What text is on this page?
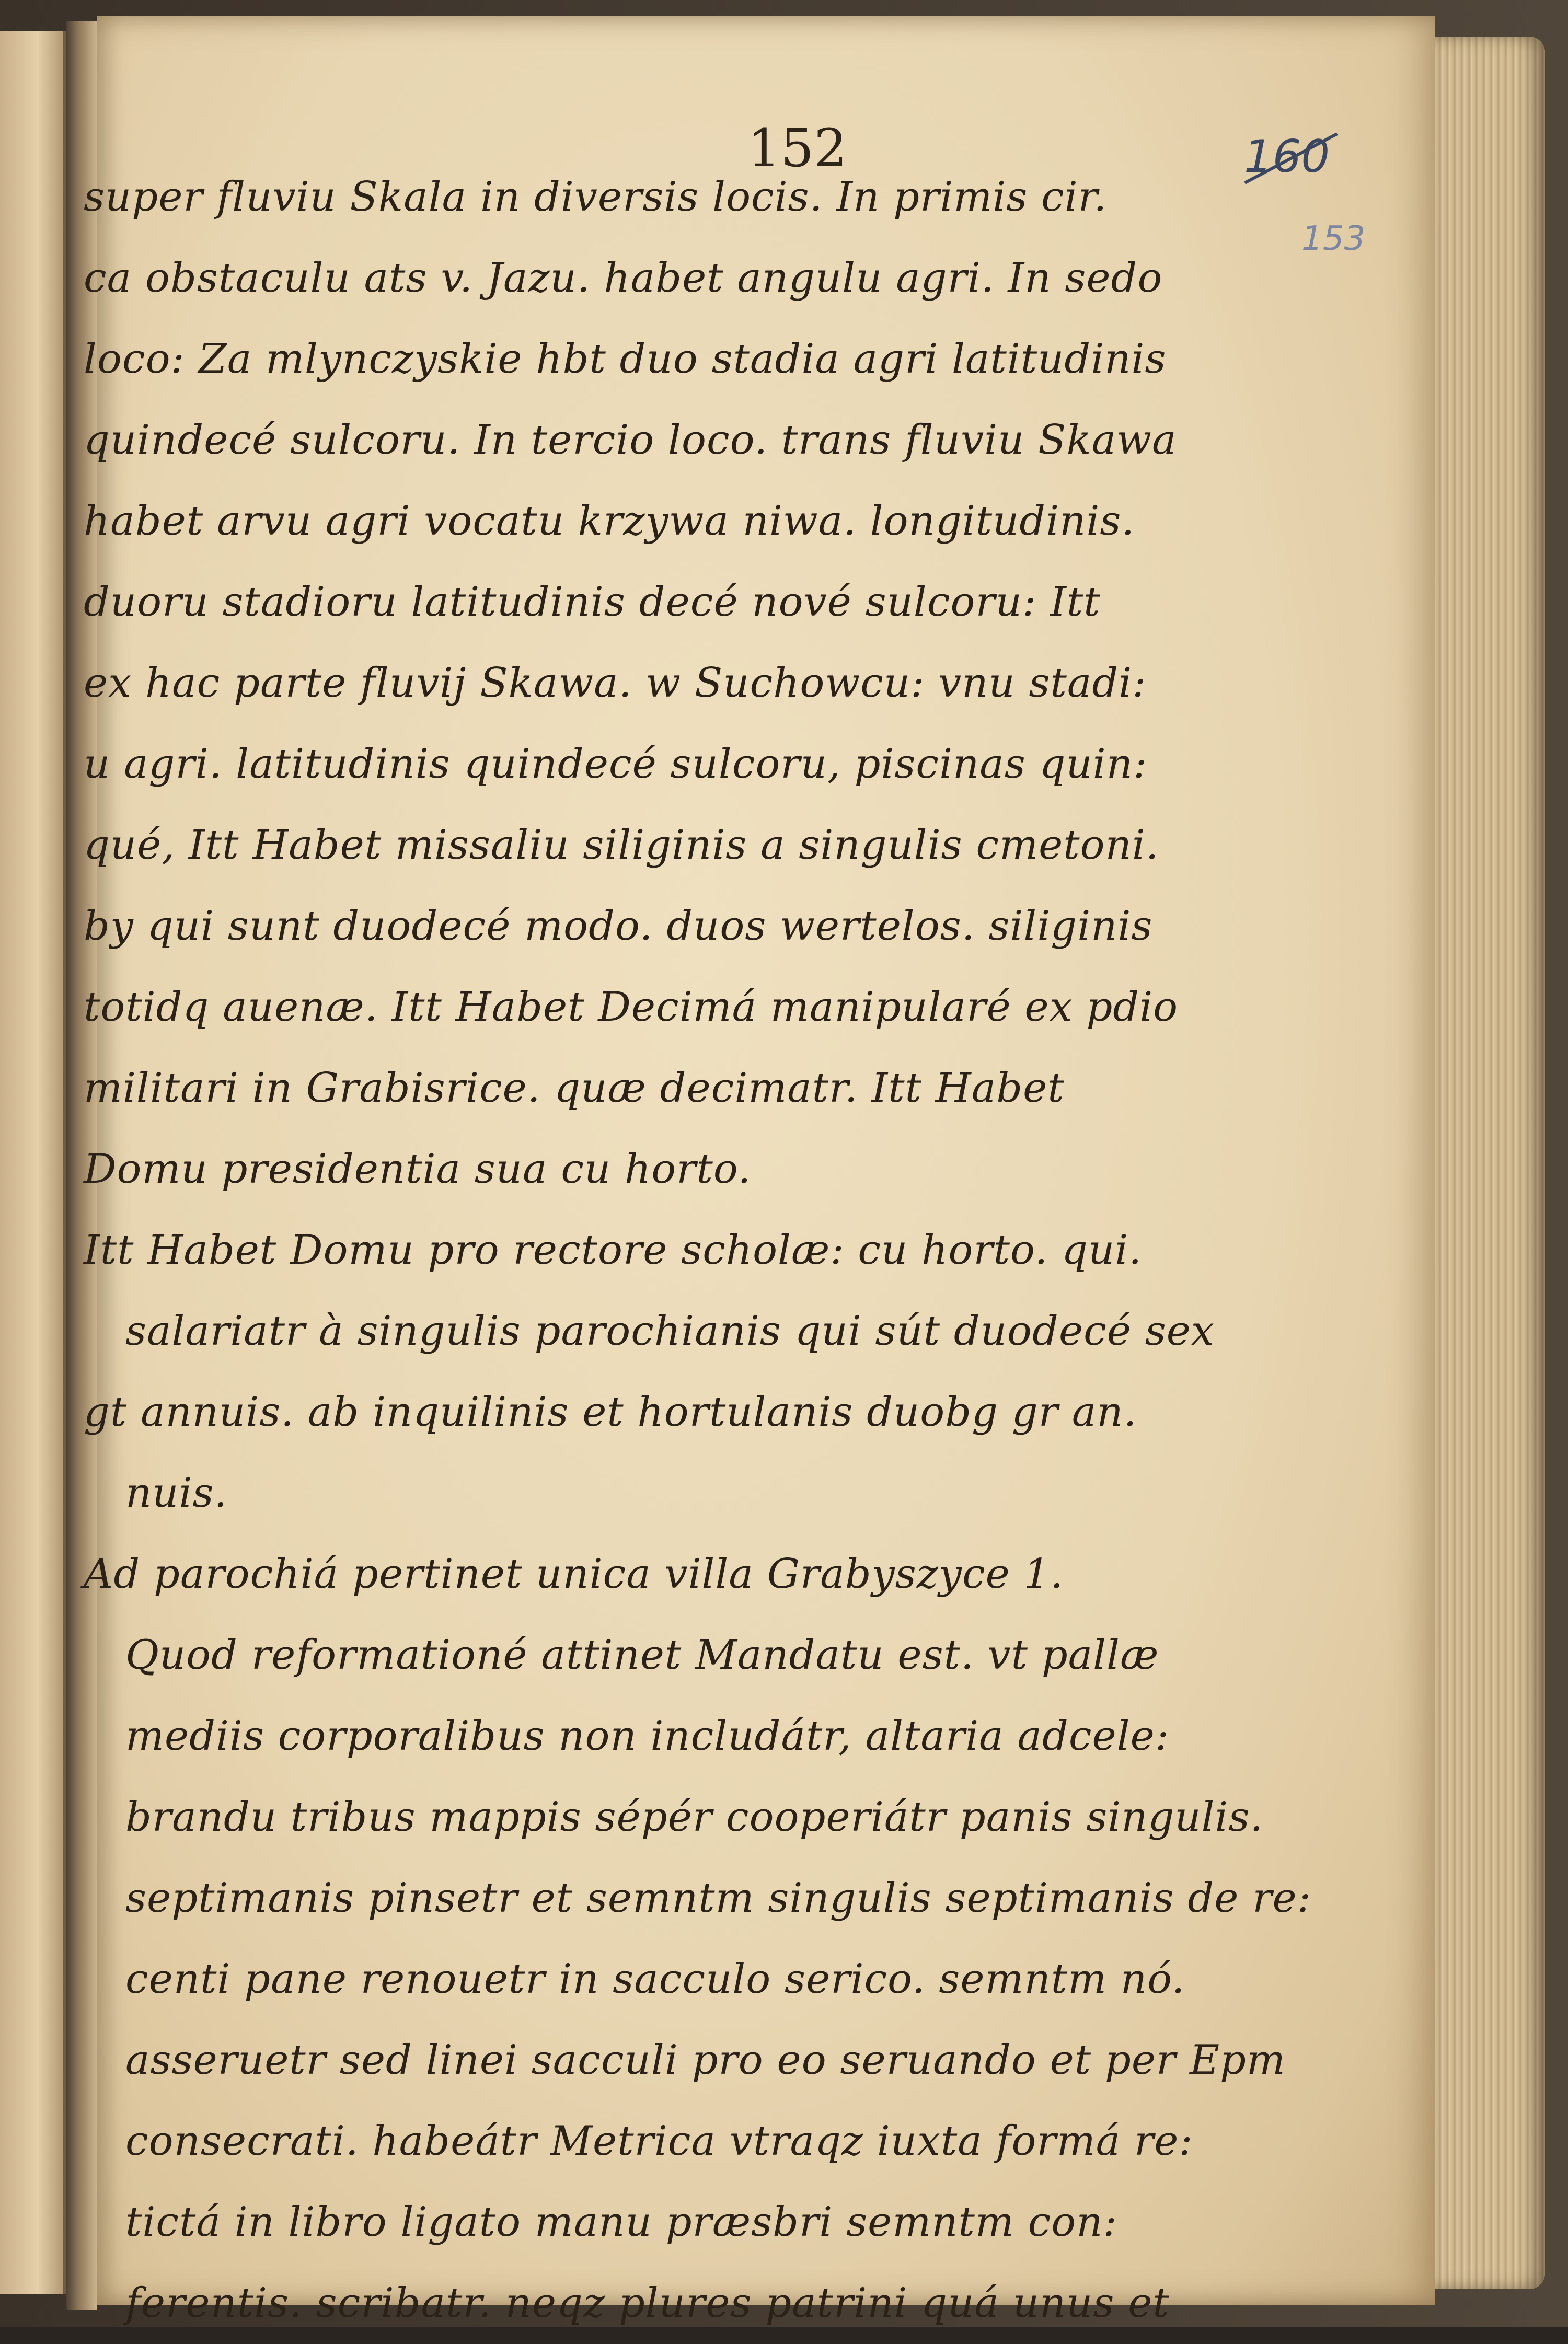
160
153
152
super fluviu Skala in diversis locis. In primis cir.
ca obstaculu ats v. Jazu. habet angulu agri. In sedo
loco: Za mlynczyskie hbt duo stadia agri latitudinis
quindecé sulcoru. In tercio loco. trans fluviu Skawa
habet arvu agri vocatu krzywa niwa. longitudinis.
duoru stadioru latitudinis decé nové sulcoru: Itt
ex hac parte fluvij Skawa. w Suchowcu: vnu stadi:
u agri. latitudinis quindecé sulcoru, piscinas quin:
qué, Itt Habet missaliu siliginis a singulis cmetoni.
by qui sunt duodecé modo. duos wertelos. siliginis
totidq auenæ. Itt Habet Decimá manipularé ex pdio
militari in Grabisrice. quæ decimatr. Itt Habet
Domu presidentia sua cu horto.
Itt Habet Domu pro rectore scholæ: cu horto. qui.
salariatr à singulis parochianis qui sút duodecé sex
gt annuis. ab inquilinis et hortulanis duobg gr an.
nuis.
Ad parochiá pertinet unica villa Grabyszyce 1.
Quod reformationé attinet Mandatu est. vt pallæ
mediis corporalibus non includátr, altaria adcele:
brandu tribus mappis sépér cooperiátr panis singulis.
septimanis pinsetr et semntm singulis septimanis de re:
centi pane renouetr in sacculo serico. semntm nó.
asseruetr sed linei sacculi pro eo seruando et per Epm
consecrati. habeátr Metrica vtraqz iuxta formá re:
tictá in libro ligato manu præsbri semntm con:
ferentis. scribatr. neqz plures patrini quá unus et
